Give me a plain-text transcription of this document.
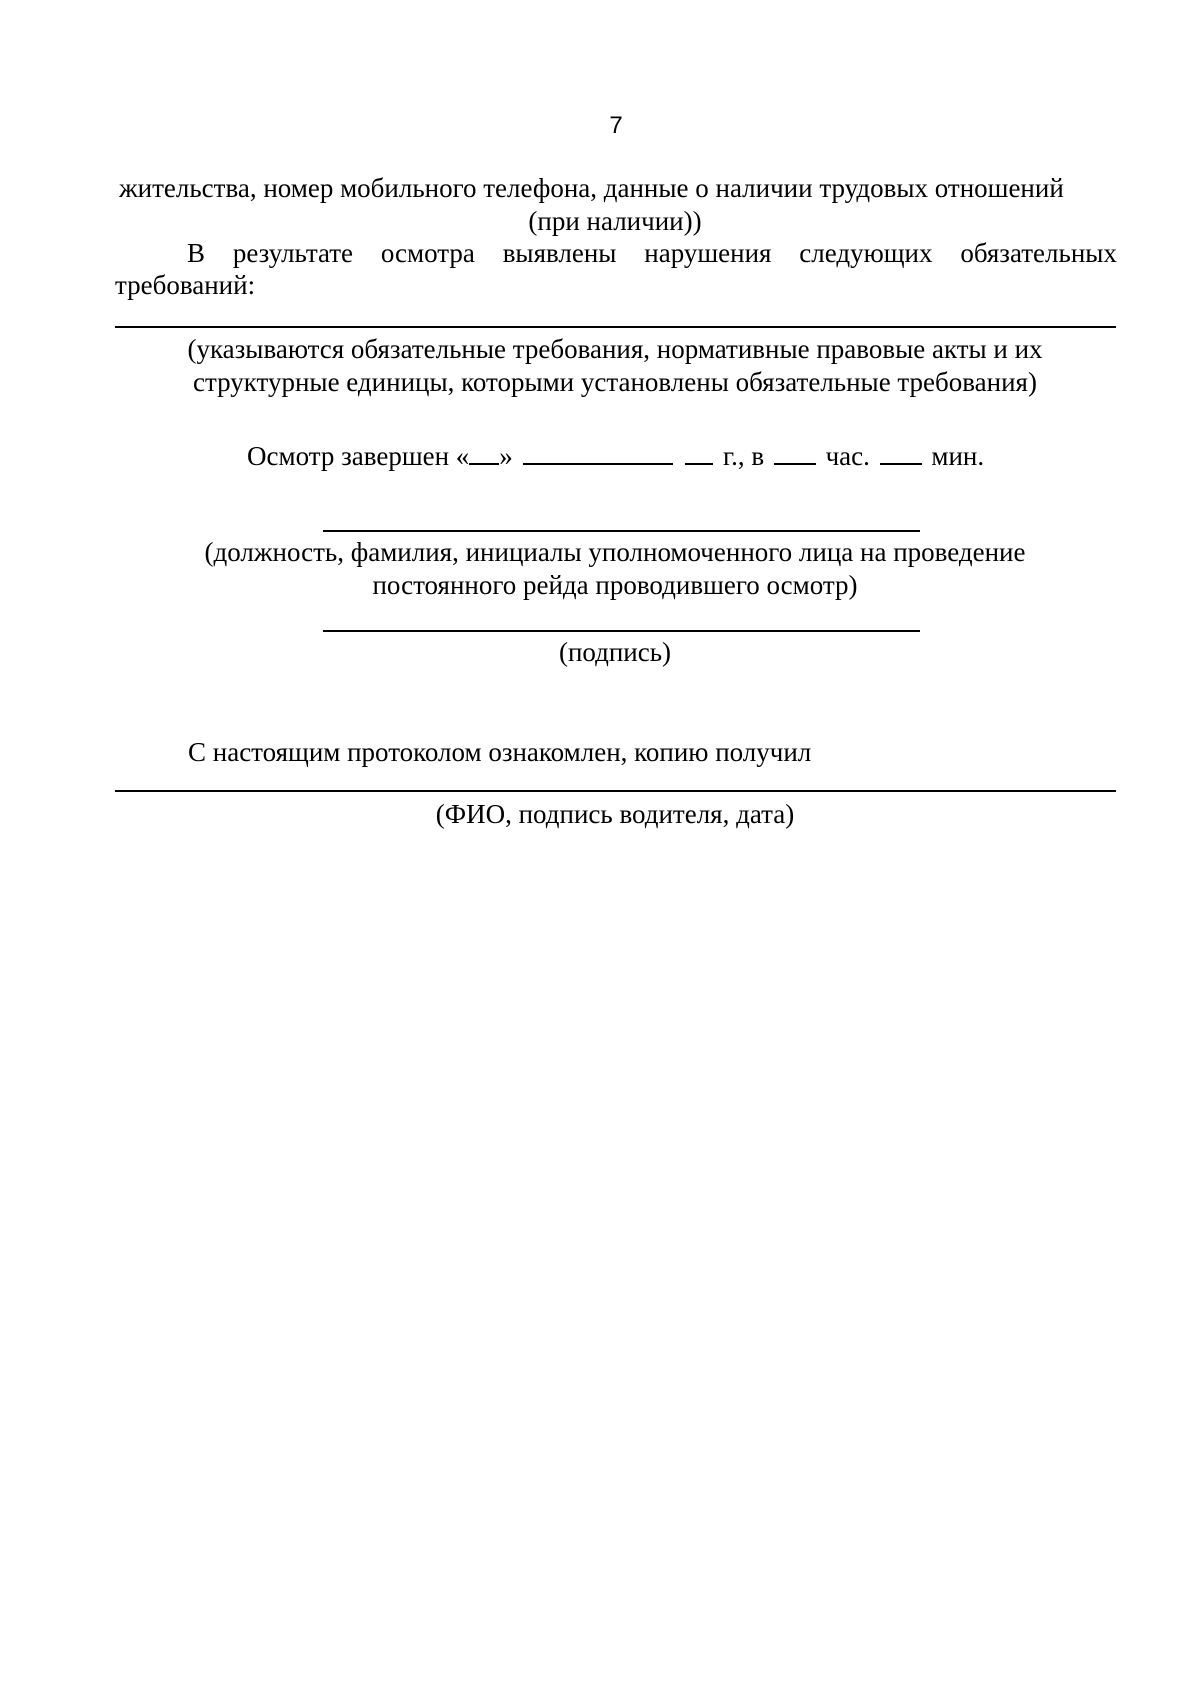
7
жительства, номер мобильного телефона, данные о наличии трудовых отношений
(при наличии))
В результате осмотра выявлены нарушения следующих обязательных
требований:
(указываются обязательные требования, нормативные правовые акты и их
структурные единицы, которыми установлены обязательные требования)
Осмотр завершен « »	г., в час. мин.
(должность, фамилия, инициалы уполномоченного лица на проведение
постоянного рейда проводившего осмотр)
(подпись)
С настоящим протоколом ознакомлен, копию получил
(ФИО, подпись водителя, дата)
